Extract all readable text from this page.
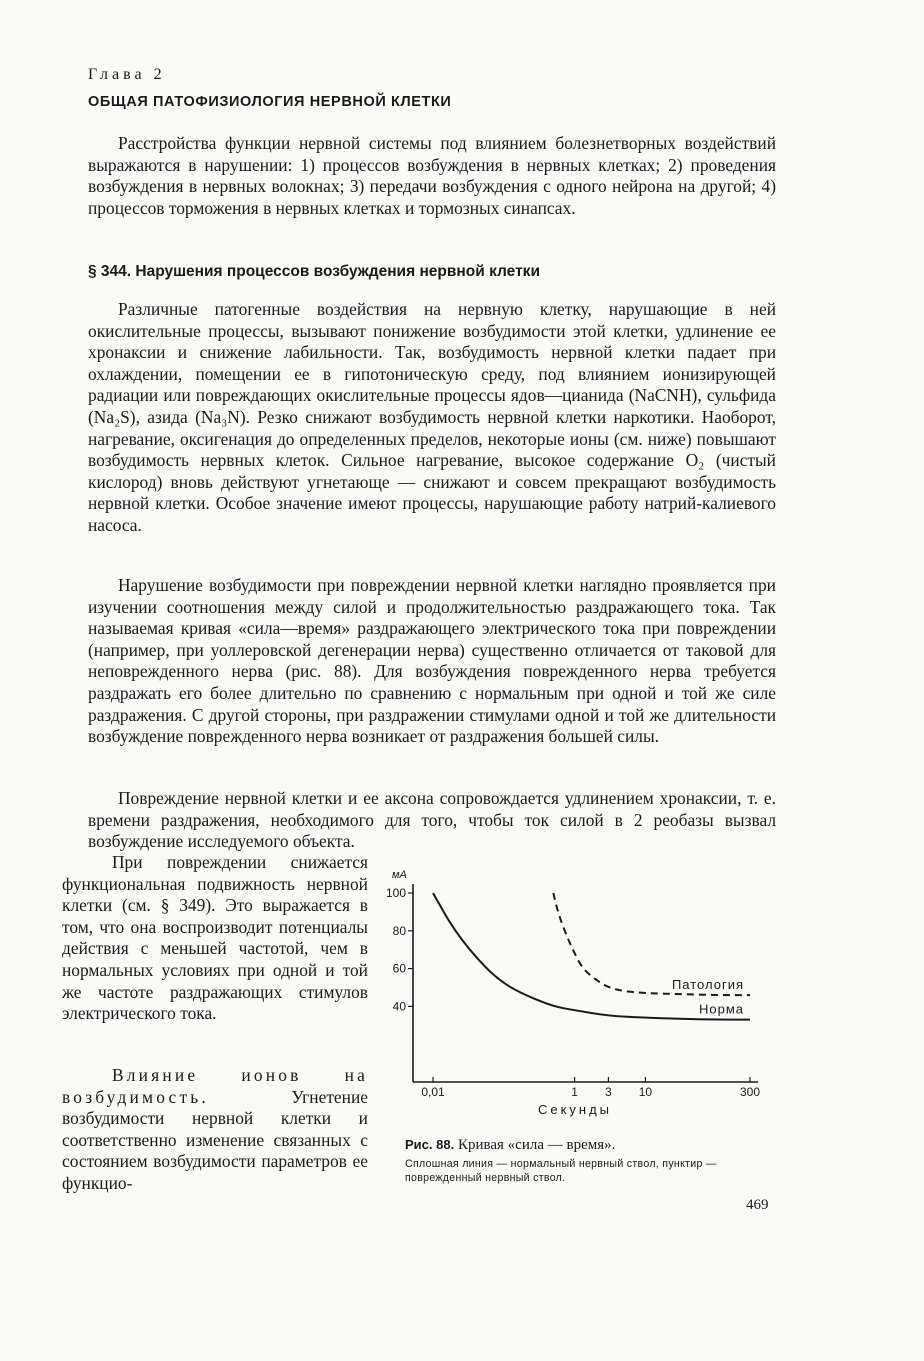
Глава 2
ОБЩАЯ ПАТОФИЗИОЛОГИЯ НЕРВНОЙ КЛЕТКИ

Расстройства функции нервной системы под влиянием болезнетворных воздействий выражаются в нарушении: 1) процессов возбуждения в нервных клетках; 2) проведения возбуждения в нервных волокнах; 3) передачи возбуждения с одного нейрона на другой; 4) процессов торможения в нервных клетках и тормозных синапсах.

§ 344. Нарушения процессов возбуждения нервной клетки

Различные патогенные воздействия на нервную клетку, нарушающие в ней окислительные процессы, вызывают понижение возбудимости этой клетки, удлинение ее хронаксии и снижение лабильности. Так, возбудимость нервной клетки падает при охлаждении, помещении ее в гипотоническую среду, под влиянием ионизирующей радиации или повреждающих окислительные процессы ядов—цианида (NaCNH), сульфида (Na₂S), азида (Na₃N). Резко снижают возбудимость нервной клетки наркотики. Наоборот, нагревание, оксигенация до определенных пределов, некоторые ионы (см. ниже) повышают возбудимость нервных клеток. Сильное нагревание, высокое содержание O₂ (чистый кислород) вновь действуют угнетающе — снижают и совсем прекращают возбудимость нервной клетки. Особое значение имеют процессы, нарушающие работу натрий-калиевого насоса.

Нарушение возбудимости при повреждении нервной клетки наглядно проявляется при изучении соотношения между силой и продолжительностью раздражающего тока. Так называемая кривая «сила—время» раздражающего электрического тока при повреждении (например, при уоллеровской дегенерации нерва) существенно отличается от таковой для неповрежденного нерва (рис. 88). Для возбуждения поврежденного нерва требуется раздражать его более длительно по сравнению с нормальным при одной и той же силе раздражения. С другой стороны, при раздражении стимулами одной и той же длительности возбуждение поврежденного нерва возникает от раздражения большей силы.

Повреждение нервной клетки и ее аксона сопровождается удлинением хронаксии, т. е. времени раздражения, необходимого для того, чтобы ток силой в 2 реобазы вызвал возбуждение исследуемого объекта.

При повреждении снижается функциональная подвижность нервной клетки (см. § 349). Это выражается в том, что она воспроизводит потенциалы действия с меньшей частотой, чем в нормальных условиях при одной и той же частоте раздражающих стимулов электрического тока.

Влияние ионов на возбудимость. Угнетение возбудимости нервной клетки и соответственно изменение связанных с состоянием возбудимости параметров ее функцио-

100
80
60
40
0,01	1 3 10	300
Норма
Патология
мА
Секунды
Рис. 88. Кривая «сила — время».
Сплошная линия — нормальный нервный ствол, пунктир — поврежденный нервный ствол.
469
